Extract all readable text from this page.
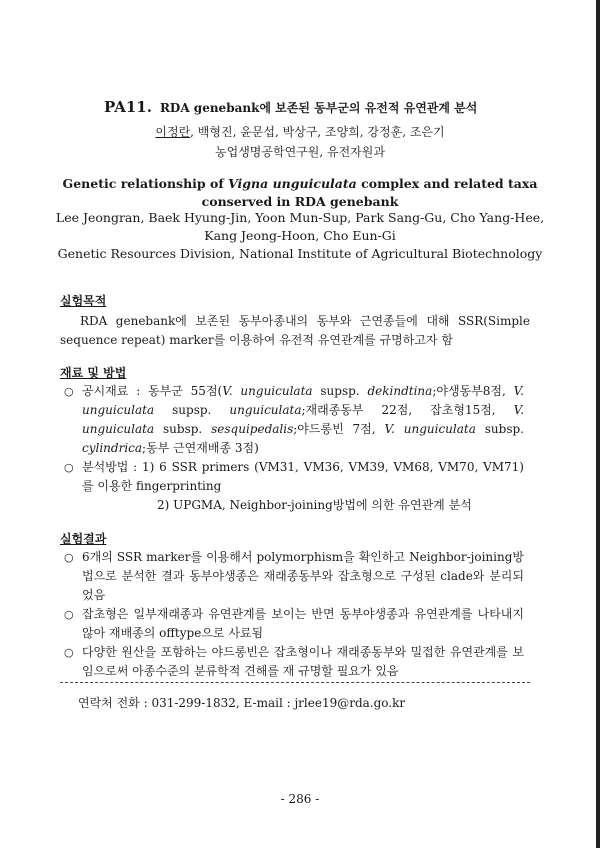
PA11. RDA genebank에 보존된 동부군의 유전적 유연관계 분석
이정란, 백형진, 윤문섭, 박상구, 조양희, 강정훈, 조은기
농업생명공학연구원, 유전자원과
Genetic relationship of Vigna unguiculata complex and related taxa conserved in RDA genebank
Lee Jeongran, Baek Hyung-Jin, Yoon Mun-Sup, Park Sang-Gu, Cho Yang-Hee, Kang Jeong-Hoon, Cho Eun-Gi
Genetic Resources Division, National Institute of Agricultural Biotechnology
실험목적
RDA genebank에 보존된 동부아종내의 동부와 근연종들에 대해 SSR(Simple sequence repeat) marker를 이용하여 유전적 유연관계를 규명하고자 함
재료 및 방법
○ 공시재료 : 동부군 55점(V. unguiculata supsp. dekindtina;야생동부8점, V. unguiculata supsp. unguiculata;재래종동부 22점, 잡초형15점, V. unguiculata subsp. sesquipedalis;야드롱빈 7점, V. unguiculata subsp. cylindrica;동부 근연재배종 3점)
○ 분석방법 : 1) 6 SSR primers (VM31, VM36, VM39, VM68, VM70, VM71)를 이용한 fingerprinting
2) UPGMA, Neighbor-joining방법에 의한 유연관계 분석
실험결과
○ 6개의 SSR marker를 이용해서 polymorphism을 확인하고 Neighbor-joining방법으로 분석한 결과 동부야생종은 재래종동부와 잡초형으로 구성된 clade와 분리되었음
○ 잡초형은 일부재래종과 유연관계를 보이는 반면 동부야생종과 유연관계를 나타내지 않아 재배종의 offtype으로 사료됨
○ 다양한 원산을 포함하는 야드롱빈은 잡초형이나 재래종동부와 밀접한 유연관계를 보임으로써 아종수준의 분류학적 견해를 재 규명할 필요가 있음
연락처 전화 : 031-299-1832, E-mail : jrlee19@rda.go.kr
- 286 -
